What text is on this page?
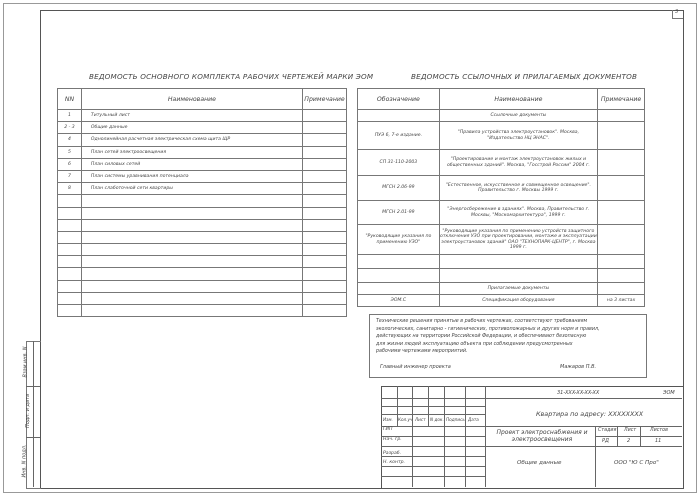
3
Взам.инв. N
Подп. и дата
Инв. N подл.
ВЕДОМОСТЬ ОСНОВНОГО КОМПЛЕКТА РАБОЧИХ ЧЕРТЕЖЕЙ МАРКИ ЭОМ	ВЕДОМОСТЬ ССЫЛОЧНЫХ И ПРИЛАГАЕМЫХ ДОКУМЕНТОВ
NN	Наименование	Примечание
1	Титульный лист	
2 - 3	Общие данные	
4	Однолинейная расчетная электрическая схема щита ЩР	
5	План сетей электроосвещения	
6	План силовых сетей	
7	План системы уравнивания потенциала	
8	План слаботочной сети квартиры	

Обозначение	Наименование	Примечание
	Ссылочные документы	
ПУЭ 6, 7-е издание.	"Правила устройства электроустановок". Москва, "Издательство НЦ ЭНАС".	
СП 31-110-2003	"Проектирование и монтаж электроустановок жилых и общественных зданий". Москва, "Госстрой России" 2004 г.	
МГСН 2.06-99	"Естественное, искусственное и совмещенное освещение". Правительство г. Москвы 1999 г.	
МГСН 2.01-99	"Энергосбережение в зданиях". Москва, Правительство г. Москвы, "Москомархитектура", 1999 г.	
"Руководящие указания по применению УЗО"	"Руководящие указания по применению устройств защитного отключения УЗО при проектировании, монтаже и эксплуатации электроустановок зданий" ОАО "ТЕХНОПАРК-ЦЕНТР", г. Москва 1999 г.	

	Прилагаемые документы	
ЭОМ.С	Спецификация оборудования	на 3 листах
Технические решения принятые в рабочих чертежах, соответствуют требованиям
экологических, санитарно - гигиенических, противопожарных и других норм и правил,
действующих на территории Российской Федерации, и обеспечивают безопасную
для жизни людей эксплуатацию объекта при соблюдении предусмотренных
рабочими чертежами мероприятий.
Главный инженер проекта	Мажаров П.В.
31-XXX-XX-XX-XX	ЭОМ
Квартира по адресу: XXXXXXXX
Изм. Кол.уч Лист N док. Подпись Дата
ГИП
Нач. гр.
Разраб.
Н. контр.
Проект электроснабжения и электроосвещения
Стадия Лист	Листов
РД	2	11
Общие данные	ООО "Ю С Про"
